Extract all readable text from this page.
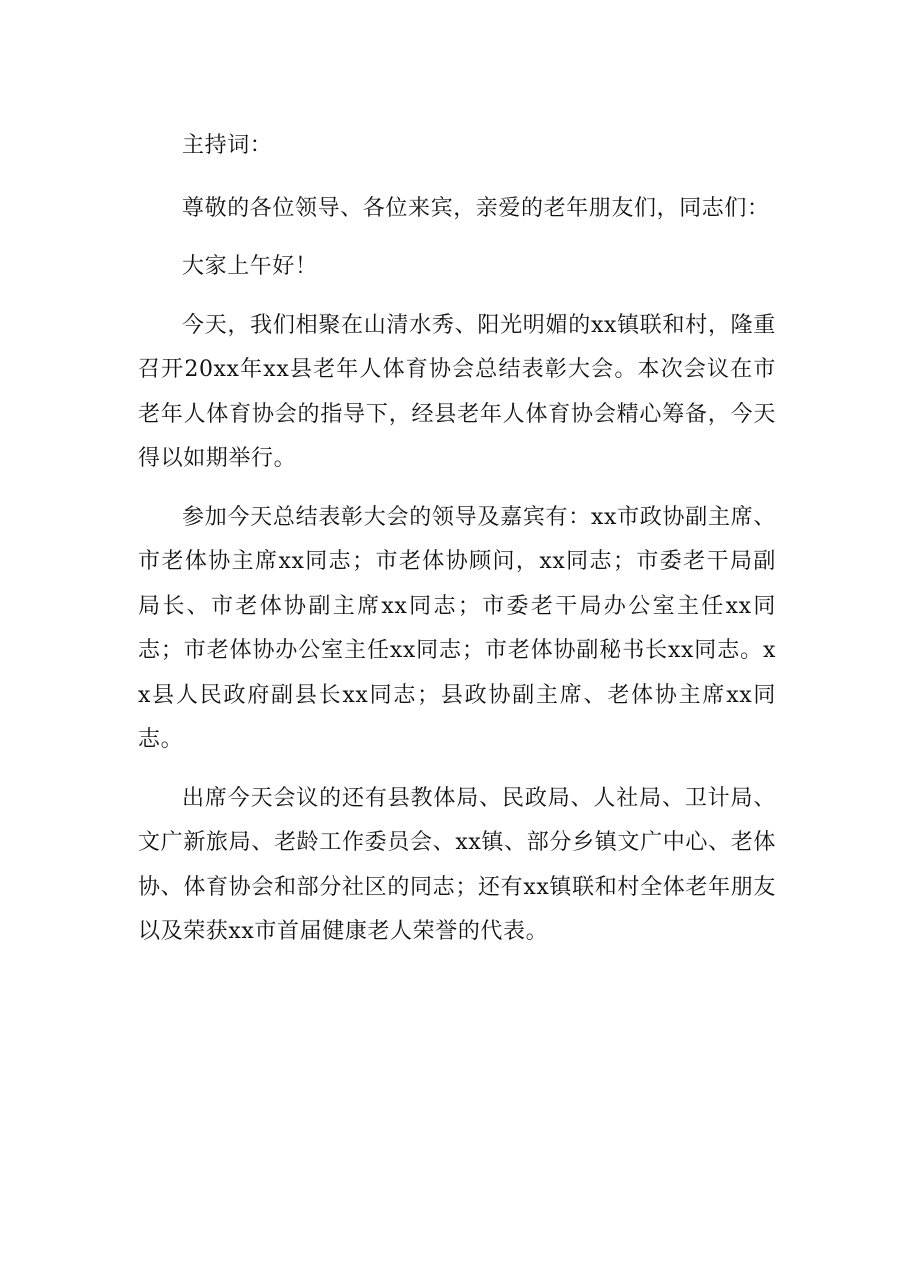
主持词：

尊敬的各位领导、各位来宾，亲爱的老年朋友们，同志们：

大家上午好！

今天，我们相聚在山清水秀、阳光明媚的xx镇联和村，隆重召开20xx年xx县老年人体育协会总结表彰大会。本次会议在市老年人体育协会的指导下，经县老年人体育协会精心筹备，今天得以如期举行。

参加今天总结表彰大会的领导及嘉宾有：xx市政协副主席、市老体协主席xx同志；市老体协顾问，xx同志；市委老干局副局长、市老体协副主席xx同志；市委老干局办公室主任xx同志；市老体协办公室主任xx同志；市老体协副秘书长xx同志。xx县人民政府副县长xx同志；县政协副主席、老体协主席xx同志。

出席今天会议的还有县教体局、民政局、人社局、卫计局、文广新旅局、老龄工作委员会、xx镇、部分乡镇文广中心、老体协、体育协会和部分社区的同志；还有xx镇联和村全体老年朋友以及荣获xx市首届健康老人荣誉的代表。
